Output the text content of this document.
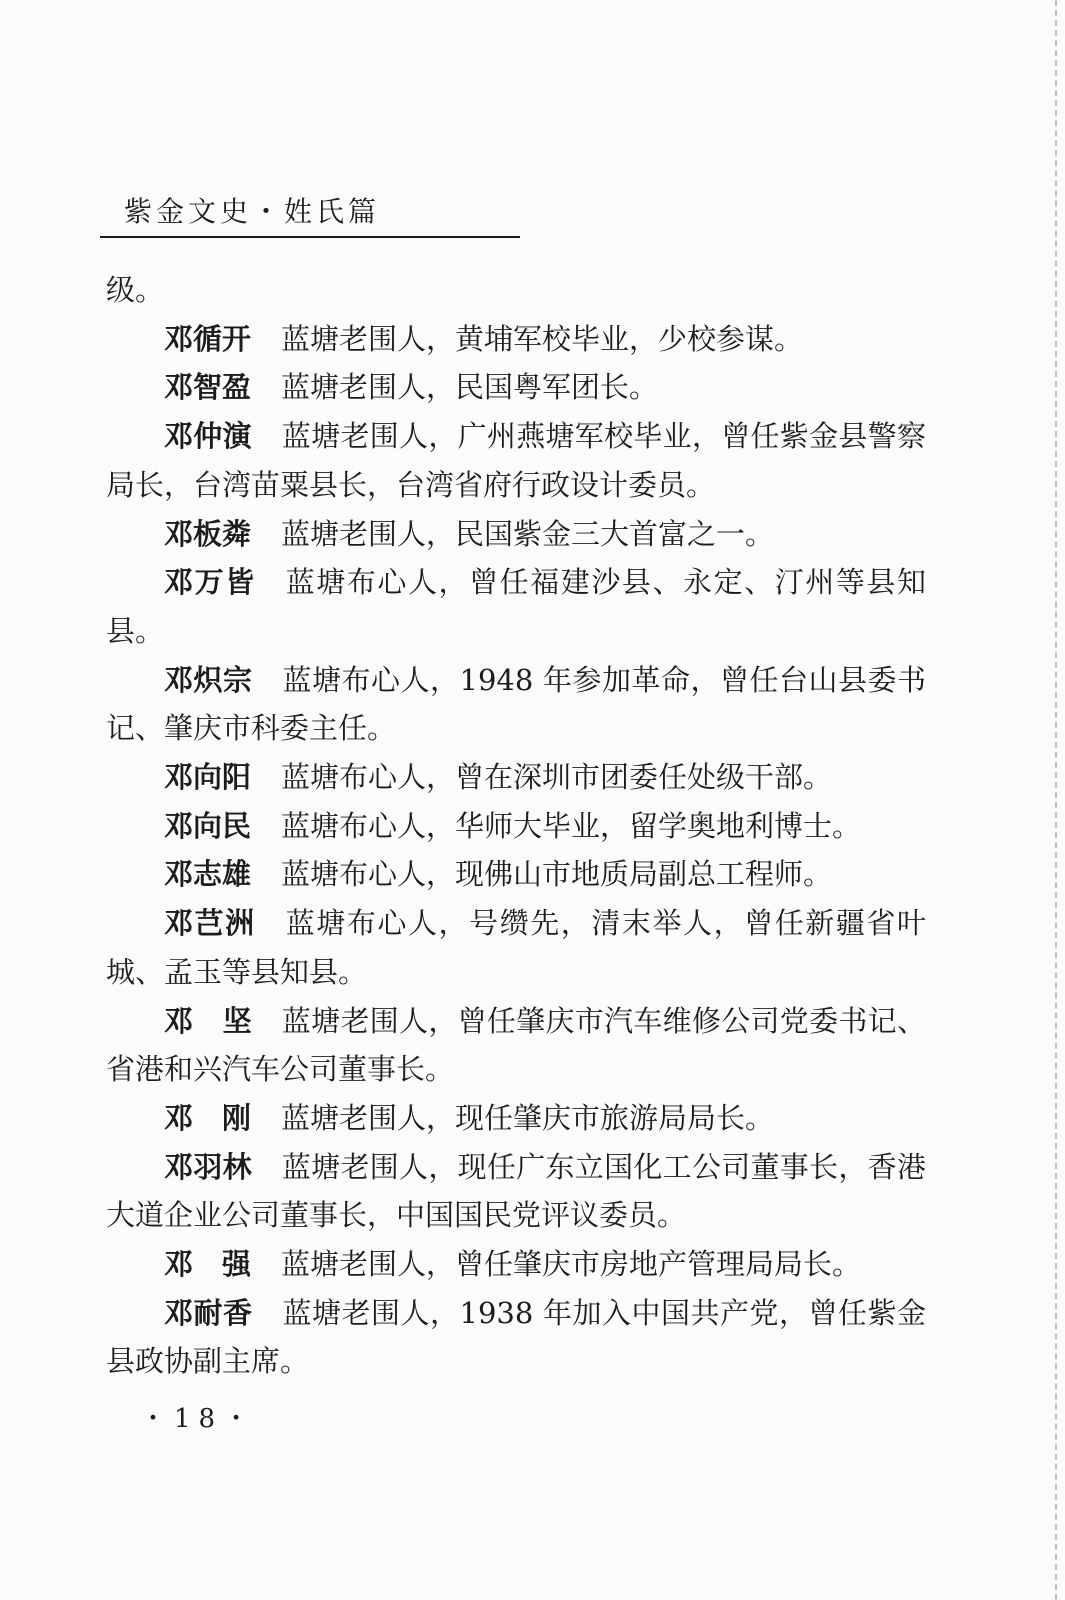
紫金文史・姓氏篇

级。

邓循开 蓝塘老围人，黄埔军校毕业，少校参谋。

邓智盈 蓝塘老围人，民国粤军团长。

邓仲演 蓝塘老围人，广州燕塘军校毕业，曾任紫金县警察局长，台湾苗粟县长，台湾省府行政设计委员。

邓板粦 蓝塘老围人，民国紫金三大首富之一。

邓万皆 蓝塘布心人，曾任福建沙县、永定、汀州等县知县。

邓炽宗 蓝塘布心人，1948 年参加革命，曾任台山县委书记、肇庆市科委主任。

邓向阳 蓝塘布心人，曾在深圳市团委任处级干部。

邓向民 蓝塘布心人，华师大毕业，留学奥地利博士。

邓志雄 蓝塘布心人，现佛山市地质局副总工程师。

邓芑洲 蓝塘布心人，号缵先，清末举人，曾任新疆省叶城、孟玉等县知县。

邓　坚 蓝塘老围人，曾任肇庆市汽车维修公司党委书记、省港和兴汽车公司董事长。

邓　刚 蓝塘老围人，现任肇庆市旅游局局长。

邓羽林 蓝塘老围人，现任广东立国化工公司董事长，香港大道企业公司董事长，中国国民党评议委员。

邓　强 蓝塘老围人，曾任肇庆市房地产管理局局长。

邓耐香 蓝塘老围人，1938 年加入中国共产党，曾任紫金县政协副主席。

・18・
